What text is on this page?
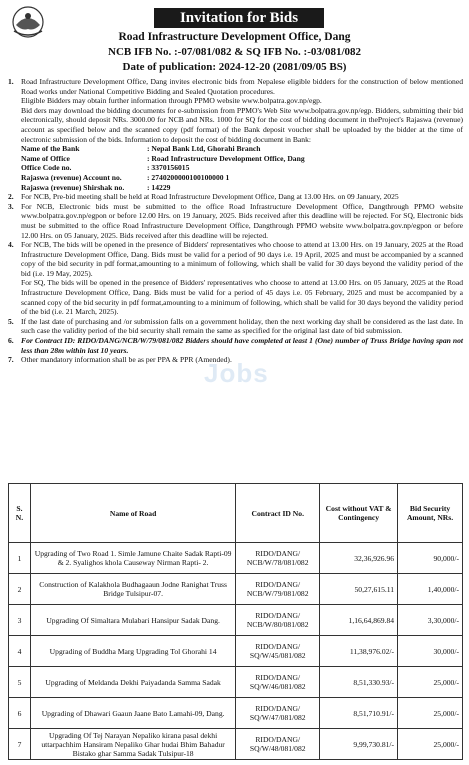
Invitation for Bids
Road Infrastructure Development Office, Dang
NCB IFB No. :-07/081/082 & SQ IFB No. :-03/081/082
Date of publication: 2024-12-20 (2081/09/05 BS)
1. Road Infrastructure Development Office, Dang invites electronic bids from Nepalese eligible bidders for the construction of below mentioned Road works under National Competitive Bidding and Sealed Quotation procedures.

Eligible Bidders may obtain further information through PPMO website www.bolpatra.gov.np/egp.

Bid ders may download the bidding documents for e-submission from PPMO's Web Site www.bolpatra.gov.np/egp. Bidders, submitting their bid electronically, should deposit NRs. 3000.00 for NCB and NRs. 1000 for SQ for the cost of bidding document in theProject's Rajaswa (revenue) account as specified below and the scanned copy (pdf format) of the Bank deposit voucher shall be uploaded by the bidder at the time of electronic submission of the bids. Information to deposit the cost of bidding document in Bank:

Name of the Bank	: Nepal Bank Ltd, Ghorahi Branch
Name of Office	: Road Infrastructure Development Office, Dang
Office Code no.	: 3370156015
Rajaswa (revenue) Account no.	: 2740200000100100000 1
Rajaswa (revenue) Shirshak no.	: 14229
2. For NCB, Pre-bid meeting shall be held at Road Infrastructure Development Office, Dang at 13.00 Hrs. on 09 January, 2025

3. For NCB, Electronic bids must be submitted to the office Road Infrastructure Development Office, Dangthrough PPMO website www.bolpatra.gov.np/egpon or before 12.00 Hrs. on 19 January, 2025. Bids received after this deadline will be rejected. For SQ, Electronic bids must be submitted to the office Road Infrastructure Development Office, Dangthrough PPMO website www.bolpatra.gov.np/egpon or before 12.00 Hrs. on 05 January, 2025. Bids received after this deadline will be rejected.

4. For NCB, The bids will be opened in the presence of Bidders' representatives who choose to attend at 13.00 Hrs. on 19 January, 2025 at the Road Infrastructure Development Office, Dang. Bids must be valid for a period of 90 days i.e. 19 April, 2025 and must be accompanied by a scanned copy of the bid security in pdf format,amounting to a minimum of following, which shall be valid for 30 days beyond the validity period of the bid (i.e. 19 May, 2025).

For SQ, The bids will be opened in the presence of Bidders' representatives who choose to attend at 13.00 Hrs. on 05 January, 2025 at the Road Infrastructure Development Office, Dang. Bids must be valid for a period of 45 days i.e. 05 February, 2025 and must be accompanied by a scanned copy of the bid security in pdf format,amounting to a minimum of following, which shall be valid for 30 days beyond the validity period of the bid (i.e. 21 March, 2025).

5. If the last date of purchasing and /or submission falls on a government holiday, then the next working day shall be considered as the last date. In such case the validity period of the bid security shall remain the same as specified for the original last date of bid submission.

6. For Contract ID: RIDO/DANG/NCB/W/79/081/082 Bidders should have completed at least 1 (One) number of Truss Bridge having span not less than 28m within last 10 years.

7. Other mandatory information shall be as per PPA & PPR (Amended).

Jobs
S. N.	Name of Road	Contract ID No.	Cost without VAT & Contingency	Bid Security Amount, NRs.
1	Upgrading of Two Road 1. Simle Jamune Chaite Sadak Rapti-09 & 2. Syalighos khola Causeway Nirman Rapti- 2.	RIDO/DANG/ NCB/W/78/081/082	32,36,926.96	90,000/-
2	Construction of Kalakhola Budhagaaun Jodne Ranighat Truss Bridge Tulsipur-07.	RIDO/DANG/ NCB/W/79/081/082	50,27,615.11	1,40,000/-
3	Upgrading Of Simaltara Mulabari Hansipur Sadak Dang.	RIDO/DANG/ NCB/W/80/081/082	1,16,64,869.84	3,30,000/-
4	Upgrading of Buddha Marg Upgrading Tol Ghorahi 14	RIDO/DANG/ SQ/W/45/081/082	11,38,976.02/-	30,000/-
5	Upgrading of Meldanda Dekhi Paiyadanda Samma Sadak	RIDO/DANG/ SQ/W/46/081/082	8,51,330.93/-	25,000/-
6	Upgrading of Dhawari Gaaun Jaane Bato Lamahi-09, Dang.	RIDO/DANG/ SQ/W/47/081/082	8,51,710.91/-	25,000/-
7	Upgrading Of Tej Narayan Nepaliko kirana pasal dekhi uttarpachhim Hansiram Nepaliko Ghar hudai Bhim Bahadur Bistako ghar Samma Sadak Tulsipur-18	RIDO/DANG/ SQ/W/48/081/082	9,99,730.81/-	25,000/-
